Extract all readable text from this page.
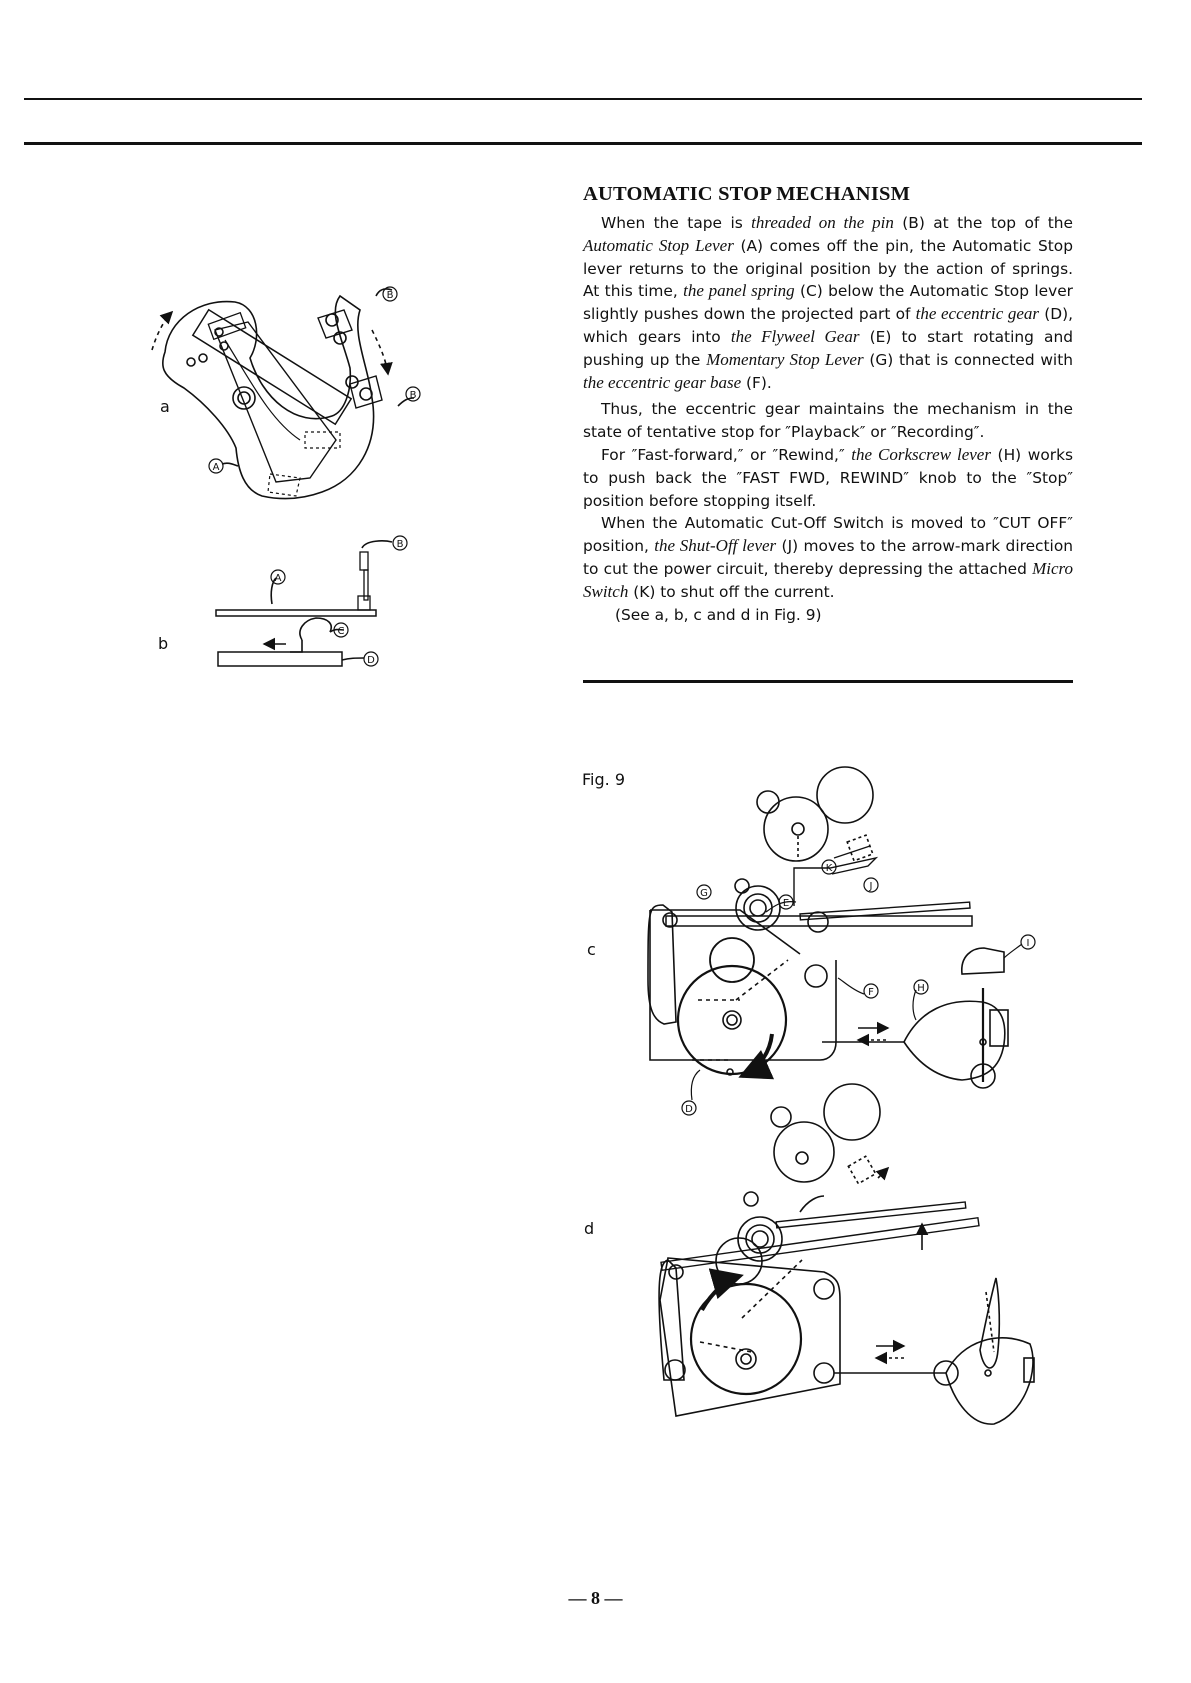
AUTOMATIC STOP MECHANISM

When the tape is threaded on the pin (B) at the top of the Automatic Stop Lever (A) comes off the pin, the Automatic Stop lever returns to the original position by the action of springs. At this time, the panel spring (C) below the Automatic Stop lever slightly pushes down the projected part of the eccentric gear (D), which gears into the Flyweel Gear (E) to start rotating and pushing up the Momentary Stop Lever (G) that is connected with the eccentric gear base (F).

Thus, the eccentric gear maintains the mechanism in the state of tentative stop for ″Playback″ or ″Recording″.

For ″Fast-forward,″ or ″Rewind,″ the Corkscrew lever (H) works to push back the ″FAST FWD, REWIND″ knob to the ″Stop″ position before stopping itself.

When the Automatic Cut-Off Switch is moved to ″CUT OFF″ position, the Shut-Off lever (J) moves to the arrow-mark direction to cut the power circuit, thereby depressing the attached Micro Switch (K) to shut off the current.

(See a, b, c and d in Fig. 9)

Fig. 9
a
b
c
d
B
B
A
B
A
C
D
E
G
K
J
I
F	H
D
— 8 —
